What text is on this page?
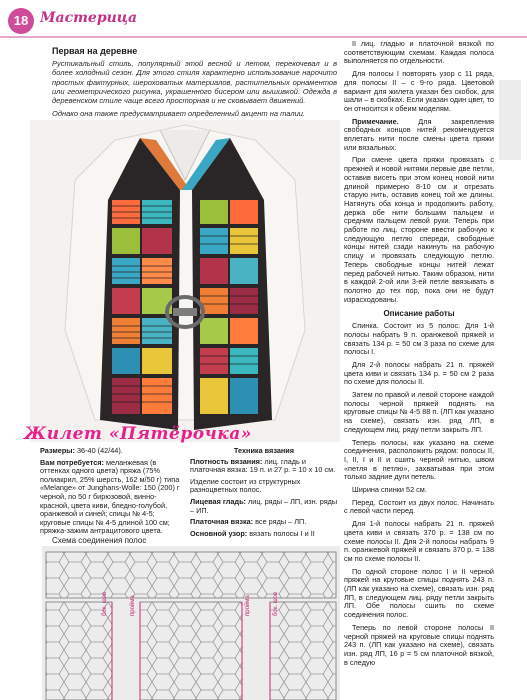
18 Мастерица
Первая на деревне

Рустикальный стиль, популярный этой весной и летом, перекочевал и в более холодный сезон. Для этого стиля характерно использование нарочито простых фактурных, шероховатых материалов, растительных орнаментов или геометрического рисунка, украшенного бисером или вышивкой. Одежда в деревенском стиле чаще всего просторная и не сковывает движений.

Однако она также предусматривает определенный акцент на талии.

Жилет «Пятёрочка»

Размеры: 36-40 (42/44).

Вам потребуется: меланжевая (в оттенках одного цвета) пряжа (75% полиакрил, 25% шерсть, 162 м/50 г) типа «Melange» от Junghans-Wolle: 150 (200) г черной, по 50 г бирюзовой, винно-красной, цвета киви, бледно-голубой, оранжевой и синей; спицы № 4-5; круговые спицы № 4-5 длиной 100 см; пряжка-зажим антрацитового цвета.

Техника вязания

Плотность вязания: лиц. гладь и платочная вязка: 19 п. и 27 р. = 10 x 10 см.

Изделие состоит из структурных разноцветных полос.

Лицевая гладь: лиц. ряды – ЛП, изн. ряды – ИП.

Платочная вязка: все ряды – ЛП.

Основной узор: вязать полосы I и II

Схема соединения полос
бок. шов	пройма	пройма	бок. шов

II лиц. гладью и платочной вязкой по соответствующим схемам. Каждая полоса выполняется по отдельности.

Для полосы I повторять узор с 11 ряда, для полосы II – с 9-го ряда. Цветовой вариант для жилета указан без скобок, для шали – в скобках. Если указан один цвет, то он относится к обеим моделям.

Примечание.	Для закрепления свободных концов нитей рекомендуется вплетать нити после смены цвета пряжи или вязальных.

При смене цвета пряжи провязать с прежней и новой нитями первые две петли, оставив висеть при этом конец новой нити длиной примерно 8-10 см и отрезать старую нить, оставив конец той же длины. Натянуть оба конца и продолжить работу, держа обе нити большим пальцем и средним пальцем левой руки. Теперь при работе по лиц. стороне ввести рабочую к следующую петлю спереди, свободные концы нитей сзади накинуть на рабочую спицу и провязать следующую петлю. Теперь свободные концы нитей лежат перед рабочей нитью. Таким образом, нити в каждой 2-ой или 3-ей петле ввязывать в полотно до тех пор, пока они не будут израсходованы.

Описание работы

Спинка. Состоит из 5 полос. Для 1-й полосы набрать 9 п. оранжевой пряжей и связать 134 р. = 50 см 3 раза по схеме для полосы I.

Для 2-й полосы набрать 21 п. пряжей цвета киви и связать 134 р. = 50 см 2 раза по схеме для полосы II.

Затем по правой и левой стороне каждой полосы черной пряжей поднять на круговые спицы № 4-5 88 п. (ЛП как указано на схеме), связать изн. ряд ЛП, в следующем лиц. ряду петли закрыть ЛП.

Теперь полосы, как указано на схеме соединения, расположить рядом: полосы II, I, II, I и II и сшить черной нитью, швом «петля в петлю», захватывая при этом только задние дуги петель.

Ширина спинки 52 см.

Перед. Состоит из двух полос. Начинать с левой части перед.

Для 1-й полосы набрать 21 п. пряжей цвета киви и связать 370 р. = 138 см по схеме полосы II. Для 2-й полосы набрать 9 п. оранжевой пряжей и связать 370 р. = 138 см по схеме полосы II.

По одной стороне полос I и II черной пряжей на круговые спицы поднять 243 п. (ЛП как указано на схеме), связать изн. ряд ЛП, в следующем лиц. ряду петли закрыть ЛП. Обе полосы сшить по схеме соединения полос.

Теперь по левой стороне полосы II черной пряжей на круговые спицы поднять 243 п. (ЛП как указано на схеме), связать изн. ряд ЛП, 16 р = 5 см платочной вязкой, в следую
